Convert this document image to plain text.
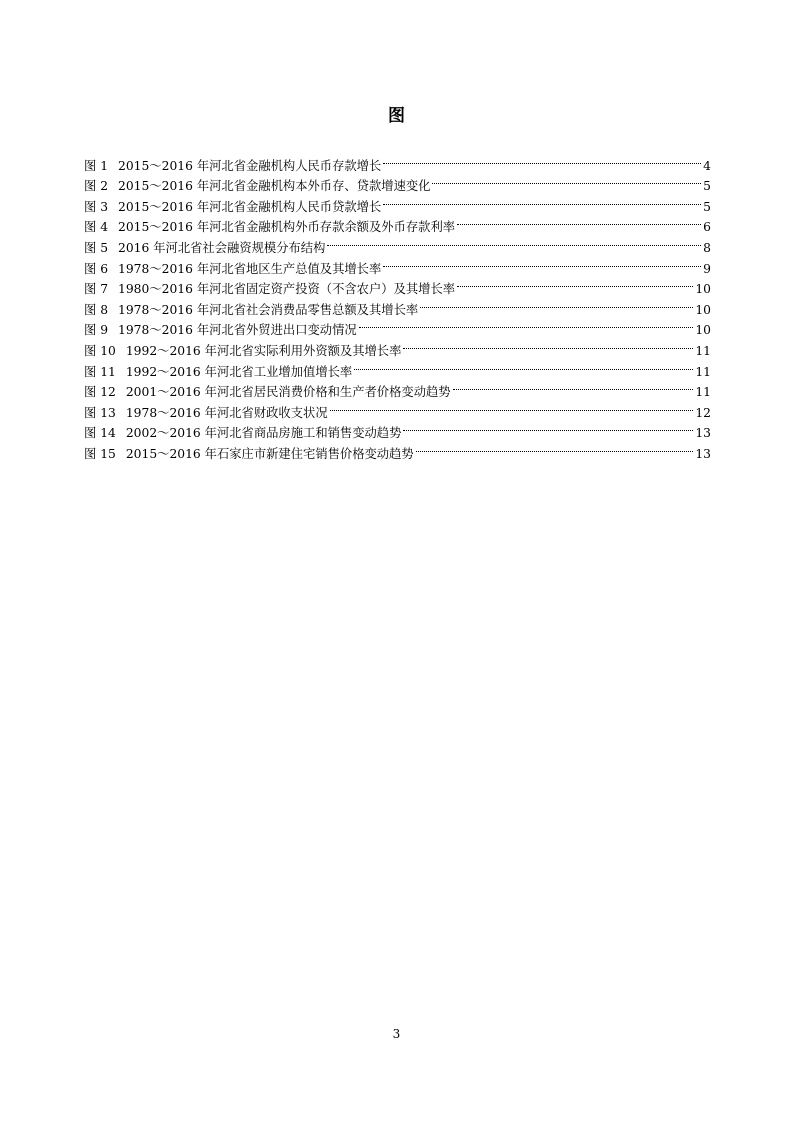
图
图 1 2015～2016 年河北省金融机构人民币存款增长	4
图 2 2015～2016 年河北省金融机构本外币存、贷款增速变化	5
图 3 2015～2016 年河北省金融机构人民币贷款增长	5
图 4 2015～2016 年河北省金融机构外币存款余额及外币存款利率	6
图 5 2016 年河北省社会融资规模分布结构	8
图 6 1978～2016 年河北省地区生产总值及其增长率	9
图 7 1980～2016 年河北省固定资产投资（不含农户）及其增长率	10
图 8 1978～2016 年河北省社会消费品零售总额及其增长率	10
图 9 1978～2016 年河北省外贸进出口变动情况	10
图 10 1992～2016 年河北省实际利用外资额及其增长率	11
图 11 1992～2016 年河北省工业增加值增长率	11
图 12 2001～2016 年河北省居民消费价格和生产者价格变动趋势	11
图 13 1978～2016 年河北省财政收支状况	12
图 14 2002～2016 年河北省商品房施工和销售变动趋势	13
图 15 2015～2016 年石家庄市新建住宅销售价格变动趋势	13
3
